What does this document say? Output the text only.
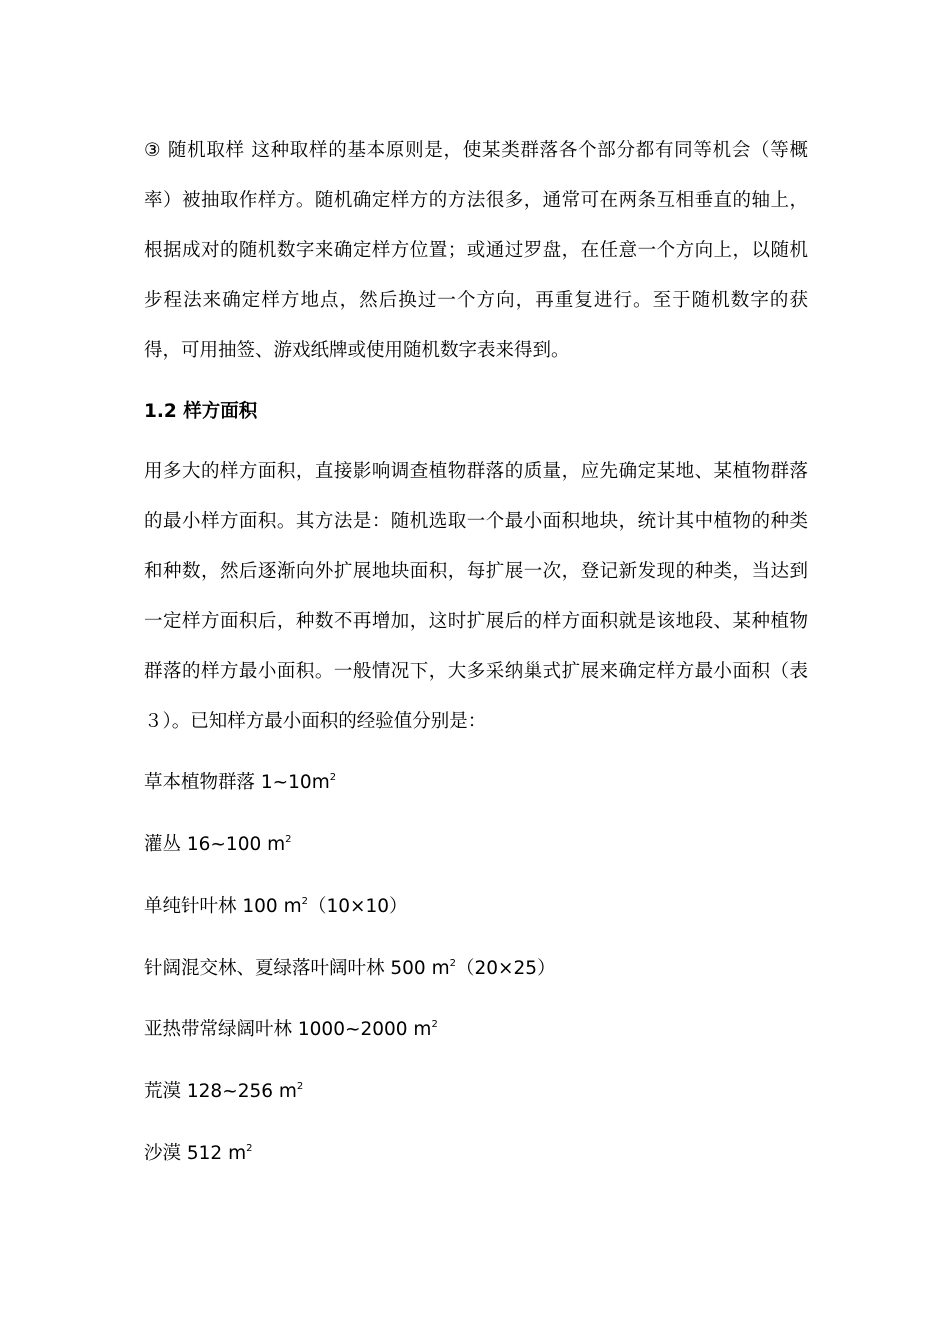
③ 随机取样 这种取样的基本原则是，使某类群落各个部分都有同等机会（等概率）被抽取作样方。随机确定样方的方法很多，通常可在两条互相垂直的轴上，根据成对的随机数字来确定样方位置；或通过罗盘，在任意一个方向上，以随机步程法来确定样方地点，然后换过一个方向，再重复进行。至于随机数字的获得，可用抽签、游戏纸牌或使用随机数字表来得到。

1.2 样方面积

用多大的样方面积，直接影响调查植物群落的质量，应先确定某地、某植物群落的最小样方面积。其方法是：随机选取一个最小面积地块，统计其中植物的种类和种数，然后逐渐向外扩展地块面积，每扩展一次，登记新发现的种类，当达到一定样方面积后，种数不再增加，这时扩展后的样方面积就是该地段、某种植物群落的样方最小面积。一般情况下，大多采纳巢式扩展来确定样方最小面积（表３）。已知样方最小面积的经验值分别是：

草本植物群落 $1\sim 10m^2$

灌丛 16~100 $m^2$

单纯针叶林 100 $m^2(10\times 10)$

针阔混交林、夏绿落叶阔叶林 500 $m^2(20\times 25)$

亚热带常绿阔叶林 1000~2000 $m^2$

荒漠 128~256 $m^2$

沙漠 512 $m^2$
